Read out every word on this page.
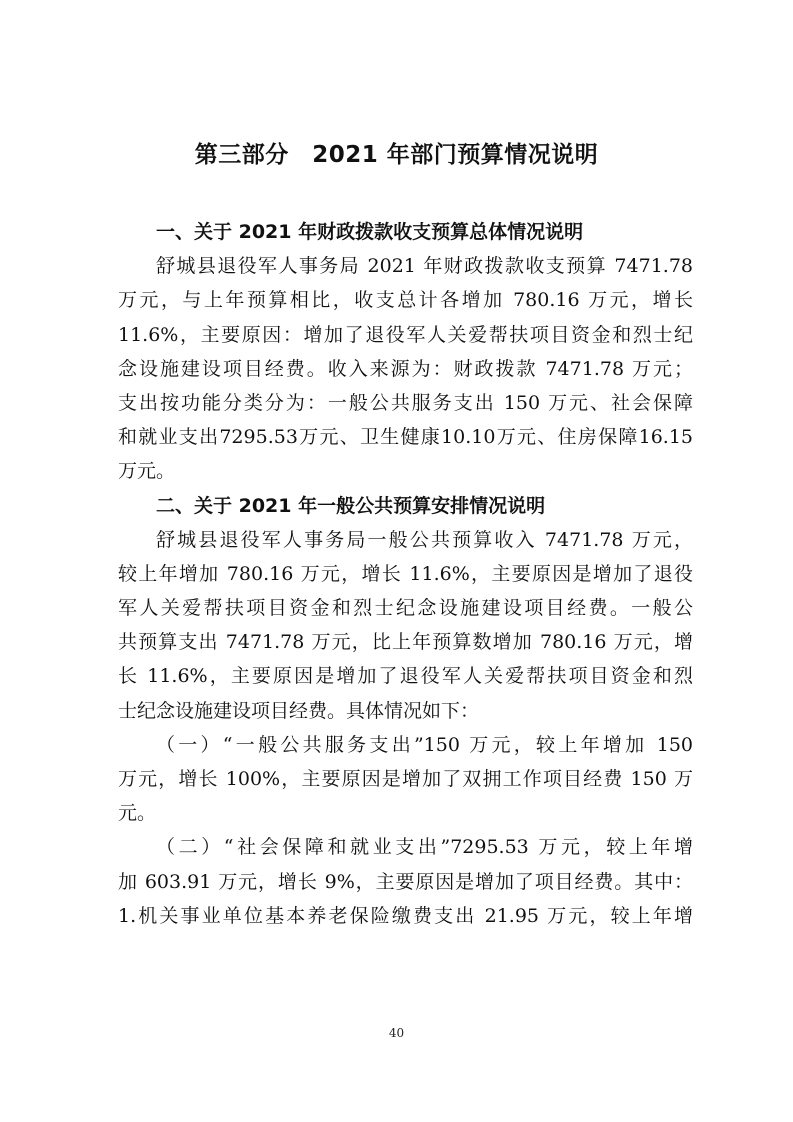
第三部分　2021 年部门预算情况说明
一、关于 2021 年财政拨款收支预算总体情况说明
舒城县退役军人事务局 2021 年财政拨款收支预算 7471.78
万元，与上年预算相比，收支总计各增加 780.16 万元，增长
11.6%，主要原因：增加了退役军人关爱帮扶项目资金和烈士纪
念设施建设项目经费。收入来源为：财政拨款 7471.78 万元；
支出按功能分类分为：一般公共服务支出 150 万元、社会保障
和就业支出7295.53万元、卫生健康10.10万元、住房保障16.15
万元。
二、关于 2021 年一般公共预算安排情况说明
舒城县退役军人事务局一般公共预算收入 7471.78 万元，
较上年增加 780.16 万元，增长 11.6%，主要原因是增加了退役
军人关爱帮扶项目资金和烈士纪念设施建设项目经费。一般公
共预算支出 7471.78 万元，比上年预算数增加 780.16 万元，增
长 11.6%，主要原因是增加了退役军人关爱帮扶项目资金和烈
士纪念设施建设项目经费。具体情况如下：
（一）“一般公共服务支出”150 万元，较上年增加 150
万元，增长 100%，主要原因是增加了双拥工作项目经费 150 万
元。
（二）“社会保障和就业支出”7295.53 万元，较上年增
加 603.91 万元，增长 9%，主要原因是增加了项目经费。其中：
1.机关事业单位基本养老保险缴费支出 21.95 万元，较上年增
40
